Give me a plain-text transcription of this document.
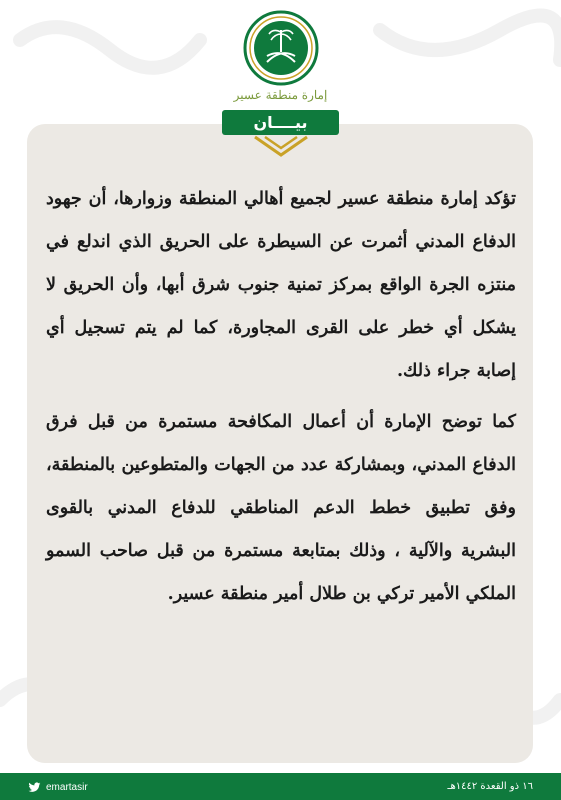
إمارة منطقة عسير
بيــــان

تؤكد إمارة منطقة عسير لجميع أهالي المنطقة وزوارها، أن جهود الدفاع المدني أثمرت عن السيطرة على الحريق الذي اندلع في منتزه الجرة الواقع بمركز تمنية جنوب شرق أبها، وأن الحريق لا يشكل أي خطر على القرى المجاورة، كما لم يتم تسجيل أي إصابة جراء ذلك.

كما توضح الإمارة أن أعمال المكافحة مستمرة من قبل فرق الدفاع المدني، وبمشاركة عدد من الجهات والمتطوعين بالمنطقة، وفق تطبيق خطط الدعم المناطقي للدفاع المدني بالقوى البشرية والآلية ، وذلك بمتابعة مستمرة من قبل صاحب السمو الملكي الأمير تركي بن طلال أمير منطقة عسير.

emartasir	١٦ ذو القعدة ١٤٤٢هـ
